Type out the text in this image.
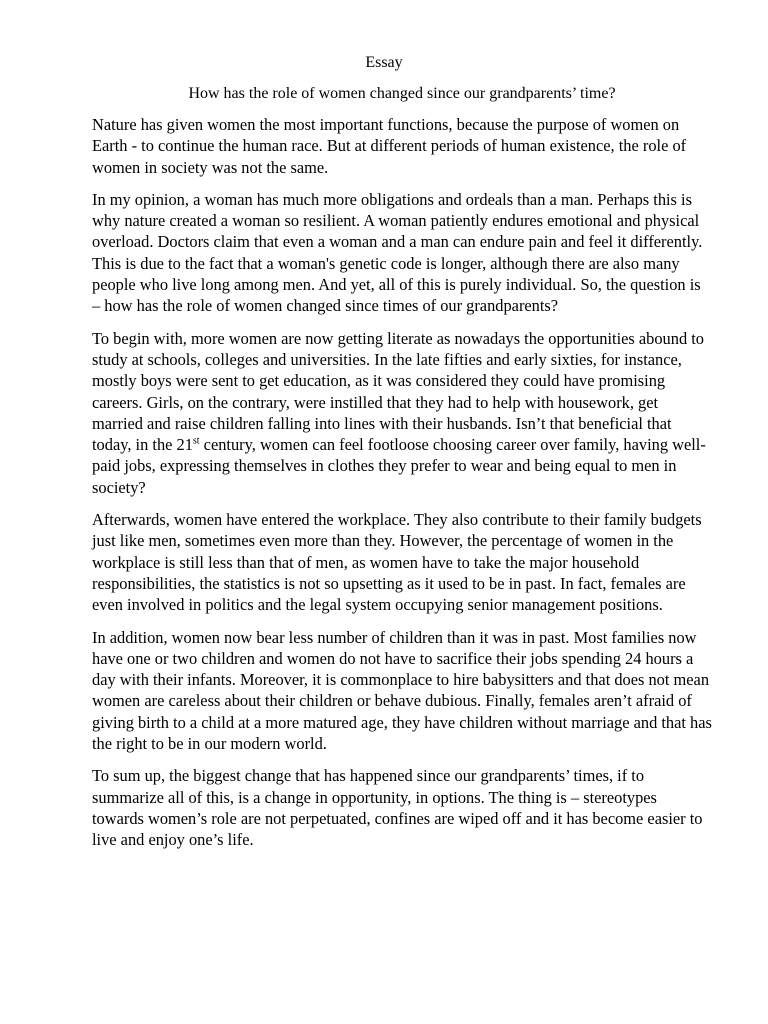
Essay
How has the role of women changed since our grandparents’ time?

Nature has given women the most important functions, because the purpose of women on Earth - to continue the human race. But at different periods of human existence, the role of women in society was not the same.

In my opinion, a woman has much more obligations and ordeals than a man. Perhaps this is why nature created a woman so resilient. A woman patiently endures emotional and physical overload. Doctors claim that even a woman and a man can endure pain and feel it differently. This is due to the fact that a woman's genetic code is longer, although there are also many people who live long among men. And yet, all of this is purely individual. So, the question is – how has the role of women changed since times of our grandparents?

To begin with, more women are now getting literate as nowadays the opportunities abound to study at schools, colleges and universities. In the late fifties and early sixties, for instance, mostly boys were sent to get education, as it was considered they could have promising careers. Girls, on the contrary, were instilled that they had to help with housework, get married and raise children falling into lines with their husbands. Isn’t that beneficial that today, in the 21st century, women can feel footloose choosing career over family, having well-paid jobs, expressing themselves in clothes they prefer to wear and being equal to men in society?

Afterwards, women have entered the workplace. They also contribute to their family budgets just like men, sometimes even more than they. However, the percentage of women in the workplace is still less than that of men, as women have to take the major household responsibilities, the statistics is not so upsetting as it used to be in past. In fact, females are even involved in politics and the legal system occupying senior management positions.

In addition, women now bear less number of children than it was in past. Most families now have one or two children and women do not have to sacrifice their jobs spending 24 hours a day with their infants. Moreover, it is commonplace to hire babysitters and that does not mean women are careless about their children or behave dubious. Finally, females aren’t afraid of giving birth to a child at a more matured age, they have children without marriage and that has the right to be in our modern world.

To sum up, the biggest change that has happened since our grandparents’ times, if to summarize all of this, is a change in opportunity, in options. The thing is – stereotypes towards women’s role are not perpetuated, confines are wiped off and it has become easier to live and enjoy one’s life.
